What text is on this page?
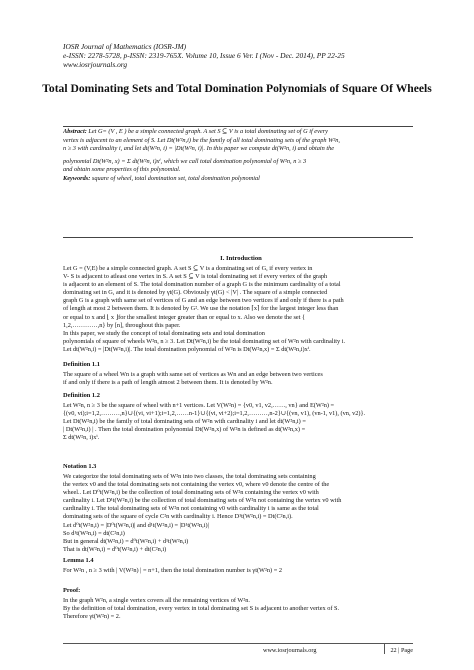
IOSR Journal of Mathematics (IOSR-JM)
e-ISSN: 2278-5728, p-ISSN: 2319-765X. Volume 10, Issue 6 Ver. I (Nov - Dec. 2014), PP 22-25
www.iosrjournals.org
Total Dominating Sets and Total Domination Polynomials of Square Of Wheels
Abstract: Let G= (V , E ) be a simple connected graph. A set S ⊆ V is a total dominating set of G if every
vertex is adjacent to an element of S. Let Dt(W²n,i) be the family of all total dominating sets of the graph W²n,
n ≥ 3 with cardinality i, and let dt(W²n, i) = |Dt(W²n, i)|. In this paper we compute dt(W²n, i) and obtain the
polynomial Dt(W²n, x) = Σ dt(W²n, i)xⁱ, which we call total domination polynomial of W²n, n ≥ 3
and obtain some properties of this polynomial.
Keywords: square of wheel, total domination set, total domination polynomial
I. Introduction
Let G = (V,E) be a simple connected graph. A set S ⊆ V is a dominating set of G, if every vertex in
V- S is adjacent to atleast one vertex in S. A set S ⊆ V is total dominating set if every vertex of the graph
is adjacent to an element of S. The total domination number of a graph G is the minimum cardinality of a total
dominating set in G, and it is denoted by γt(G). Obviously γt(G) < |V| . The square of a simple connected
graph G is a graph with same set of vertices of G and an edge between two vertices if and only if there is a path
of length at most 2 between them. It is denoted by G². We use the notation ⌈x⌉ for the largest integer less than
or equal to x and ⌊ x ⌋for the smallest integer greater than or equal to x. Also we denote the set {
1,2,…………,n} by [n], throughout this paper.
In this paper, we study the concept of total dominating sets and total domination
polynomials of square of wheels W²n, n ≥ 3. Let Dt(W²n,i) be the total dominating set of W²n with cardinality i.
Let dt(W²n,i) = |Dt(W²n,i)|. The total domination polynomial of W²n is Dt(W²n,x) = Σ dt(W²n,i)xⁱ.
Definition 1.1
The square of a wheel Wn is a graph with same set of vertices as Wn and an edge between two vertices
if and only if there is a path of length atmost 2 between them. It is denoted by W²n.
Definition 1.2
Let W²n, n ≥ 3 be the square of wheel with n+1 vertices. Let V(W²n) = {v0, v1, v2,……, vn} and E(W²n) =
{(v0, vi);i=1,2,………,n}∪{(vi, vi+1);i=1,2,……n-1}∪{(vi, vi+2);i=1,2,………,n-2}∪{(vn, v1), (vn-1, v1), (vn, v2)}.
Let Dt(W²n,i) be the family of total dominating sets of W²n with cardinality i and let dt(W²n,i) =
| Dt(W²n,i) | . Then the total domination polynomial Dt(W²n,x) of W²n is defined as dt(W²n,x) =
Σ dt(W²n, i)xⁱ.
Notation 1.3
We categorize the total dominating sets of W²n into two classes, the total dominating sets containing
the vertex v0 and the total dominating sets not containing the vertex v0, where v0 denote the centre of the
wheel.. Let D⁰t(W²n,i) be the collection of total dominating sets of W²n containing the vertex v0 with
cardinality i. Let D¹t(W²n,i) be the collection of total dominating sets of W²n not containing the vertex v0 with
cardinality i. The total dominating sets of W²n not containing v0 with cardinality i is same as the total
dominating sets of the square of cycle C²n with cardinality i. Hence D¹t(W²n,i) = Dt(C²n,i).
Let d⁰t(W²n,i) = |D⁰t(W²n,i)| and d¹t(W²n,i) = |D¹t(W²n,i)|
So d¹t(W²n,i) = dt(C²n,i)
But in general dt(W²n,i) = d⁰t(W²n,i) + d¹t(W²n,i)
That is dt(W²n,i) = d⁰t(W²n,i) + dt(C²n,i)
Lemma 1.4
For W²n , n ≥ 3 with | V(W²n) | = n+1, then the total domination number is γt(W²n) = 2
Proof:
In the graph W²n, a single vertex covers all the remaining vertices of W²n.
By the definition of total domination, every vertex in total dominating set S is adjacent to another vertex of S.
Therefore γt(W²n) = 2.
www.iosrjournals.org	22 | Page
